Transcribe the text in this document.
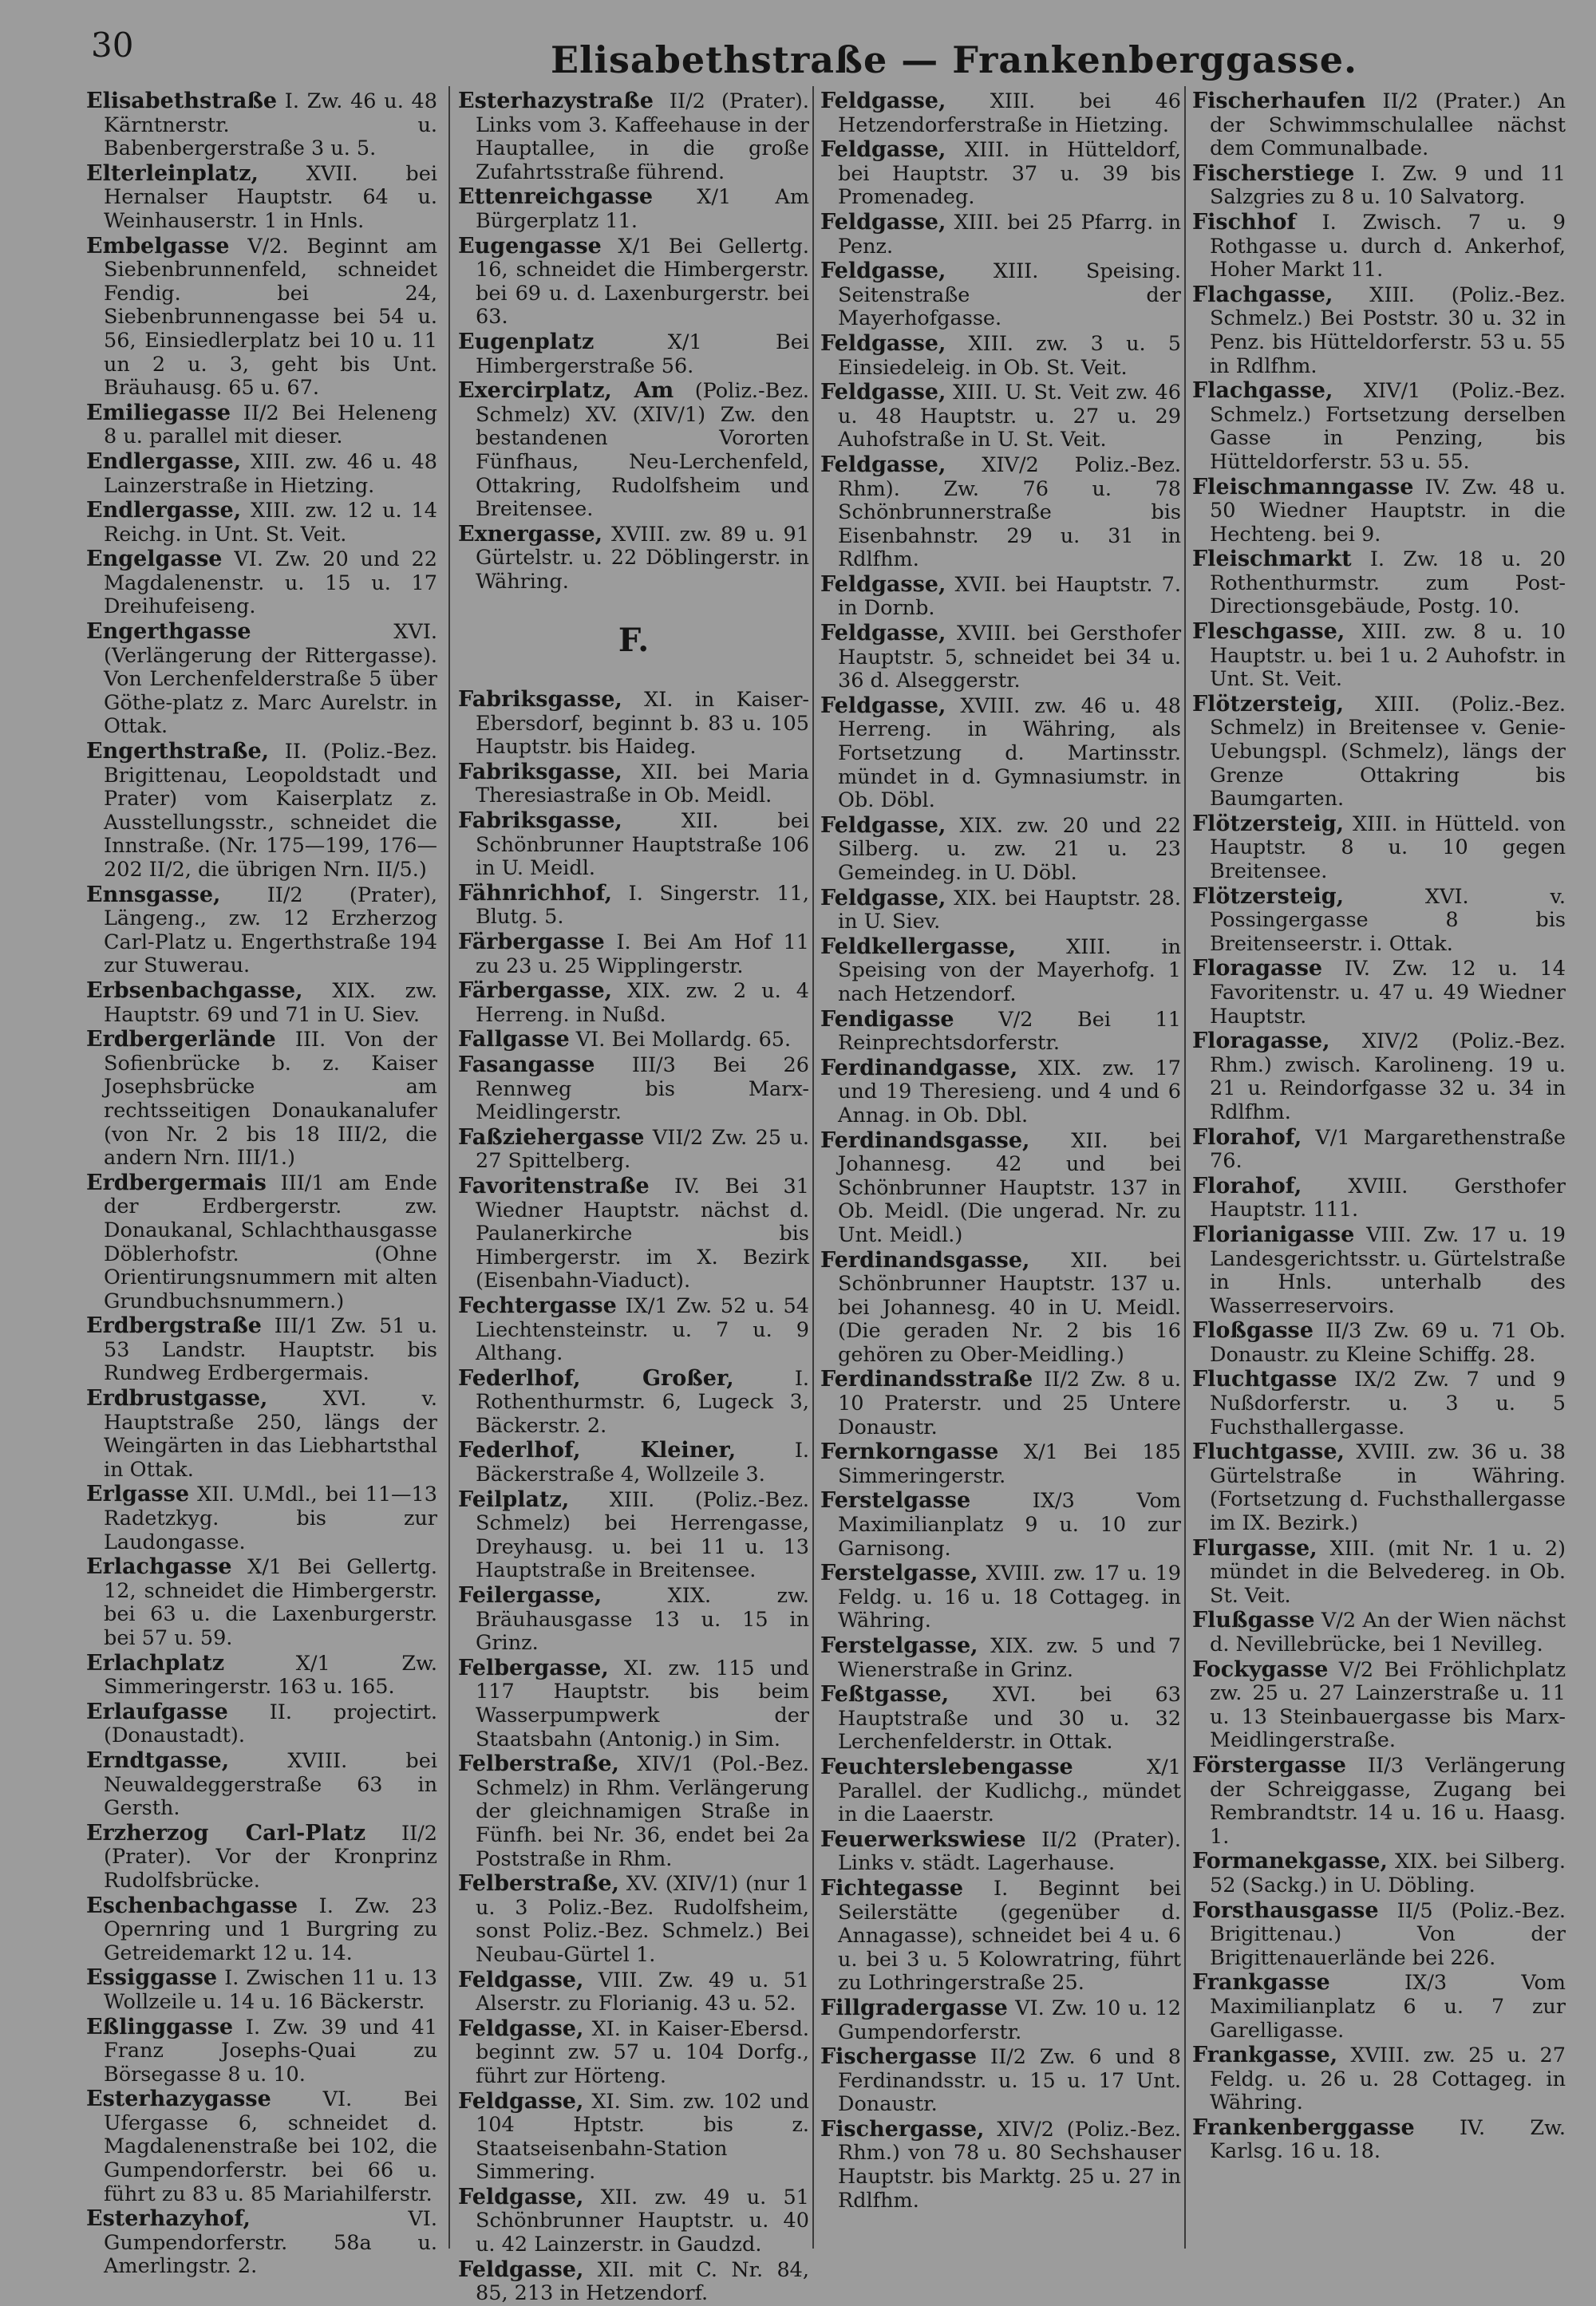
30	Elisabethstraße — Frankenberggasse.
Elisabethstraße I. Zw. 46 u. 48 Kärntnerstr. u. Babenbergerstraße 3 u. 5.
Elterleinplatz, XVII. bei Hernalser Hauptstr. 64 u. Weinhauserstr. 1 in Hnls.
Embelgasse V/2. Beginnt am Siebenbrunnenfeld, schneidet Fendig. bei 24, Siebenbrunnengasse bei 54 u. 56, Einsiedlerplatz bei 10 u. 11 un 2 u. 3, geht bis Unt. Bräuhausg. 65 u. 67.
Emiliegasse II/2 Bei Heleneng 8 u. parallel mit dieser.
Endlergasse, XIII. zw. 46 u. 48 Lainzerstraße in Hietzing.
Endlergasse, XIII. zw. 12 u. 14 Reichg. in Unt. St. Veit.
Engelgasse VI. Zw. 20 und 22 Magdalenenstr. u. 15 u. 17 Dreihufeiseng.
Engerthgasse	XVI. (Verlängerung der Rittergasse). Von Lerchenfelderstraße 5 über Göthe-platz z. Marc Aurelstr. in Ottak.
Engerthstraße, II. (Poliz.-Bez. Brigittenau, Leopoldstadt und Prater) vom Kaiserplatz z. Ausstellungsstr., schneidet die Innstraße. (Nr. 175—199, 176—202 II/2, die übrigen Nrn. II/5.)
Ennsgasse, II/2 (Prater), Längeng., zw. 12 Erzherzog Carl-Platz u. Engerthstraße 194 zur Stuwerau.
Erbsenbachgasse, XIX. zw. Hauptstr. 69 und 71 in U. Siev.
Erdbergerlände III. Von der Sofienbrücke b. z. Kaiser Josephsbrücke am rechtsseitigen Donaukanalufer (von Nr. 2 bis 18 III/2, die andern Nrn. III/1.)
Erdbergermais III/1 am Ende der Erdbergerstr. zw. Donaukanal, Schlachthausgasse Döblerhofstr. (Ohne Orientirungsnummern mit alten Grundbuchsnummern.)
Erdbergstraße III/1 Zw. 51 u. 53 Landstr. Hauptstr. bis Rundweg Erdbergermais.
Erdbrustgasse,	XVI. v. Hauptstraße 250, längs der Weingärten in das Liebhartsthal in Ottak.
Erlgasse XII. U.Mdl., bei 11—13 Radetzkyg. bis zur Laudongasse.
Erlachgasse X/1 Bei Gellertg. 12, schneidet die Himbergerstr. bei 63 u. die Laxenburgerstr. bei 57 u. 59.
Erlachplatz	X/1 Zw. Simmeringerstr. 163 u. 165.
Erlaufgasse II. projectirt. (Donaustadt).
Erndtgasse,	XVIII. bei Neuwaldeggerstraße 63 in Gersth.
Erzherzog Carl-Platz II/2 (Prater). Vor der Kronprinz Rudolfsbrücke.
Eschenbachgasse I. Zw. 23 Opernring und 1 Burgring zu Getreidemarkt 12 u. 14.
Essiggasse I. Zwischen 11 u. 13 Wollzeile u. 14 u. 16 Bäckerstr.
Eßlinggasse I. Zw. 39 und 41 Franz Josephs-Quai zu Börsegasse 8 u. 10.
Esterhazygasse	VI. Bei Ufergasse 6, schneidet d. Magdalenenstraße bei 102, die Gumpendorferstr. bei 66 u. führt zu 83 u. 85 Mariahilferstr.
Esterhazyhof,	VI. Gumpendorferstr. 58a u. Amerlingstr. 2.
Esterhazystraße II/2 (Prater). Links vom 3. Kaffeehause in der Hauptallee, in die große Zufahrtsstraße führend.
Ettenreichgasse X/1 Am Bürgerplatz 11.
Eugengasse X/1 Bei Gellertg. 16, schneidet die Himbergerstr. bei 69 u. d. Laxenburgerstr. bei 63.
Eugenplatz	X/1 Bei Himbergerstraße 56.
Exercirplatz, Am (Poliz.-Bez. Schmelz) XV. (XIV/1) Zw. den bestandenen Vororten Fünfhaus, Neu-Lerchenfeld, Ottakring, Rudolfsheim und Breitensee.
Exnergasse, XVIII. zw. 89 u. 91 Gürtelstr. u. 22 Döblingerstr. in Währing.
F.
Fabriksgasse, XI. in Kaiser-Ebersdorf, beginnt b. 83 u. 105 Hauptstr. bis Haideg.
Fabriksgasse, XII. bei Maria Theresiastraße in Ob. Meidl.
Fabriksgasse,	XII. bei Schönbrunner Hauptstraße 106 in U. Meidl.
Fähnrichhof, I. Singerstr. 11, Blutg. 5.
Färbergasse I. Bei Am Hof 11 zu 23 u. 25 Wipplingerstr.
Färbergasse, XIX. zw. 2 u. 4 Herreng. in Nußd.
Fallgasse VI. Bei Mollardg. 65.
Fasangasse III/3 Bei 26 Rennweg bis Marx-Meidlingerstr.
Faßziehergasse VII/2 Zw. 25 u. 27 Spittelberg.
Favoritenstraße IV. Bei 31 Wiedner Hauptstr. nächst d. Paulanerkirche bis Himbergerstr. im X. Bezirk (Eisenbahn-Viaduct).
Fechtergasse IX/1 Zw. 52 u. 54 Liechtensteinstr. u. 7 u. 9 Althang.
Federlhof, Großer,	I. Rothenthurmstr. 6, Lugeck 3, Bäckerstr. 2.
Federlhof, Kleiner,	I. Bäckerstraße 4, Wollzeile 3.
Feilplatz, XIII. (Poliz.-Bez. Schmelz) bei Herrengasse, Dreyhausg. u. bei 11 u. 13 Hauptstraße in Breitensee.
Feilergasse,	XIX. zw. Bräuhausgasse 13 u. 15 in Grinz.
Felbergasse, XI. zw. 115 und 117 Hauptstr. bis beim Wasserpumpwerk der Staatsbahn (Antonig.) in Sim.
Felberstraße, XIV/1 (Pol.-Bez. Schmelz) in Rhm. Verlängerung der gleichnamigen Straße in Fünfh. bei Nr. 36, endet bei 2a Poststraße in Rhm.
Felberstraße, XV. (XIV/1) (nur 1 u. 3 Poliz.-Bez. Rudolfsheim, sonst Poliz.-Bez. Schmelz.) Bei Neubau-Gürtel 1.
Feldgasse, VIII. Zw. 49 u. 51 Alserstr. zu Florianig. 43 u. 52.
Feldgasse, XI. in Kaiser-Ebersd. beginnt zw. 57 u. 104 Dorfg., führt zur Hörteng.
Feldgasse, XI. Sim. zw. 102 und 104 Hptstr. bis z. Staatseisenbahn-Station Simmering.
Feldgasse, XII. zw. 49 u. 51 Schönbrunner Hauptstr. u. 40 u. 42 Lainzerstr. in Gaudzd.
Feldgasse, XII. mit C. Nr. 84, 85, 213 in Hetzendorf.
Feldgasse, XIII. bei 46 Hetzendorferstraße in Hietzing.
Feldgasse, XIII. in Hütteldorf, bei Hauptstr. 37 u. 39 bis Promenadeg.
Feldgasse, XIII. bei 25 Pfarrg. in Penz.
Feldgasse, XIII. Speising. Seitenstraße der Mayerhofgasse.
Feldgasse, XIII. zw. 3 u. 5 Einsiedeleig. in Ob. St. Veit.
Feldgasse, XIII. U. St. Veit zw. 46 u. 48 Hauptstr. u. 27 u. 29 Auhofstraße in U. St. Veit.
Feldgasse, XIV/2 Poliz.-Bez. Rhm). Zw. 76 u. 78 Schönbrunnerstraße bis Eisenbahnstr. 29 u. 31 in Rdlfhm.
Feldgasse, XVII. bei Hauptstr. 7. in Dornb.
Feldgasse, XVIII. bei Gersthofer Hauptstr. 5, schneidet bei 34 u. 36 d. Alseggerstr.
Feldgasse, XVIII. zw. 46 u. 48 Herreng. in Währing, als Fortsetzung d. Martinsstr. mündet in d. Gymnasiumstr. in Ob. Döbl.
Feldgasse, XIX. zw. 20 und 22 Silberg. u. zw. 21 u. 23 Gemeindeg. in U. Döbl.
Feldgasse, XIX. bei Hauptstr. 28. in U. Siev.
Feldkellergasse, XIII. in Speising von der Mayerhofg. 1 nach Hetzendorf.
Fendigasse V/2 Bei 11 Reinprechtsdorferstr.
Ferdinandgasse, XIX. zw. 17 und 19 Theresieng. und 4 und 6 Annag. in Ob. Dbl.
Ferdinandsgasse, XII. bei Johannesg. 42 und bei Schönbrunner Hauptstr. 137 in Ob. Meidl. (Die ungerad. Nr. zu Unt. Meidl.)
Ferdinandsgasse, XII. bei Schönbrunner Hauptstr. 137 u. bei Johannesg. 40 in U. Meidl. (Die geraden Nr. 2 bis 16 gehören zu Ober-Meidling.)
Ferdinandsstraße II/2 Zw. 8 u. 10 Praterstr. und 25 Untere Donaustr.
Fernkorngasse X/1 Bei 185 Simmeringerstr.
Ferstelgasse	IX/3 Vom Maximilianplatz 9 u. 10 zur Garnisong.
Ferstelgasse, XVIII. zw. 17 u. 19 Feldg. u. 16 u. 18 Cottageg. in Währing.
Ferstelgasse, XIX. zw. 5 und 7 Wienerstraße in Grinz.
Feßtgasse, XVI. bei 63 Hauptstraße und 30 u. 32 Lerchenfelderstr. in Ottak.
Feuchterslebengasse	X/1 Parallel. der Kudlichg., mündet in die Laaerstr.
Feuerwerkswiese II/2 (Prater). Links v. städt. Lagerhause.
Fichtegasse I. Beginnt bei Seilerstätte (gegenüber d. Annagasse), schneidet bei 4 u. 6 u. bei 3 u. 5 Kolowratring, führt zu Lothringerstraße 25.
Fillgradergasse VI. Zw. 10 u. 12 Gumpendorferstr.
Fischergasse II/2 Zw. 6 und 8 Ferdinandsstr. u. 15 u. 17 Unt. Donaustr.
Fischergasse, XIV/2 (Poliz.-Bez. Rhm.) von 78 u. 80 Sechshauser Hauptstr. bis Marktg. 25 u. 27 in Rdlfhm.
Fischerhaufen II/2 (Prater.) An der Schwimmschulallee nächst dem Communalbade.
Fischerstiege I. Zw. 9 und 11 Salzgries zu 8 u. 10 Salvatorg.
Fischhof I. Zwisch. 7 u. 9 Rothgasse u. durch d. Ankerhof, Hoher Markt 11.
Flachgasse, XIII. (Poliz.-Bez. Schmelz.) Bei Poststr. 30 u. 32 in Penz. bis Hütteldorferstr. 53 u. 55 in Rdlfhm.
Flachgasse, XIV/1 (Poliz.-Bez. Schmelz.) Fortsetzung derselben Gasse in Penzing, bis Hütteldorferstr. 53 u. 55.
Fleischmanngasse IV. Zw. 48 u. 50 Wiedner Hauptstr. in die Hechteng. bei 9.
Fleischmarkt I. Zw. 18 u. 20 Rothenthurmstr. zum Post-Directionsgebäude, Postg. 10.
Fleschgasse, XIII. zw. 8 u. 10 Hauptstr. u. bei 1 u. 2 Auhofstr. in Unt. St. Veit.
Flötzersteig, XIII. (Poliz.-Bez. Schmelz) in Breitensee v. Genie-Uebungspl. (Schmelz), längs der Grenze Ottakring bis Baumgarten.
Flötzersteig, XIII. in Hütteld. von Hauptstr. 8 u. 10 gegen Breitensee.
Flötzersteig,	XVI. v. Possingergasse 8 bis Breitenseerstr. i. Ottak.
Floragasse IV. Zw. 12 u. 14 Favoritenstr. u. 47 u. 49 Wiedner Hauptstr.
Floragasse, XIV/2 (Poliz.-Bez. Rhm.) zwisch. Karolineng. 19 u. 21 u. Reindorfgasse 32 u. 34 in Rdlfhm.
Florahof, V/1 Margarethenstraße 76.
Florahof, XVIII. Gersthofer Hauptstr. 111.
Florianigasse VIII. Zw. 17 u. 19 Landesgerichtsstr. u. Gürtelstraße in Hnls. unterhalb des Wasserreservoirs.
Floßgasse II/3 Zw. 69 u. 71 Ob. Donaustr. zu Kleine Schiffg. 28.
Fluchtgasse IX/2 Zw. 7 und 9 Nußdorferstr. u. 3 u. 5 Fuchsthallergasse.
Fluchtgasse, XVIII. zw. 36 u. 38 Gürtelstraße in Währing. (Fortsetzung d. Fuchsthallergasse im IX. Bezirk.)
Flurgasse, XIII. (mit Nr. 1 u. 2) mündet in die Belvedereg. in Ob. St. Veit.
Flußgasse V/2 An der Wien nächst d. Nevillebrücke, bei 1 Nevilleg.
Fockygasse V/2 Bei Fröhlichplatz zw. 25 u. 27 Lainzerstraße u. 11 u. 13 Steinbauergasse bis Marx-Meidlingerstraße.
Förstergasse II/3 Verlängerung der Schreiggasse, Zugang bei Rembrandtstr. 14 u. 16 u. Haasg. 1.
Formanekgasse, XIX. bei Silberg. 52 (Sackg.) in U. Döbling.
Forsthausgasse II/5 (Poliz.-Bez. Brigittenau.) Von der Brigittenauerlände bei 226.
Frankgasse	IX/3 Vom Maximilianplatz 6 u. 7 zur Garelligasse.
Frankgasse, XVIII. zw. 25 u. 27 Feldg. u. 26 u. 28 Cottageg. in Währing.
Frankenberggasse IV. Zw. Karlsg. 16 u. 18.
